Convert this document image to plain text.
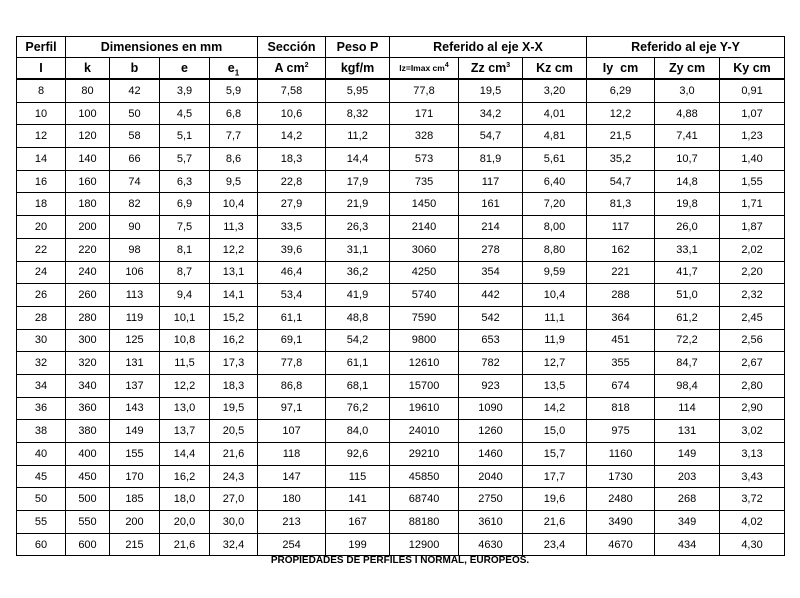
Perfil	Dimensiones en mm				Sección	Peso P	Referido al eje X-X			Referido al eje Y-Y		
I	k	b	e	$e_1$	A $cm^2$	kgf/m	Iz=Imax $cm^4$	Zz $cm^3$	Kz cm	Iy  cm	Zy cm	Ky cm
8	80	42	3,9	5,9	7,58	5,95	77,8	19,5	3,20	6,29	3,0	0,91
10	100	50	4,5	6,8	10,6	8,32	171	34,2	4,01	12,2	4,88	1,07
12	120	58	5,1	7,7	14,2	11,2	328	54,7	4,81	21,5	7,41	1,23
14	140	66	5,7	8,6	18,3	14,4	573	81,9	5,61	35,2	10,7	1,40
16	160	74	6,3	9,5	22,8	17,9	735	117	6,40	54,7	14,8	1,55
18	180	82	6,9	10,4	27,9	21,9	1450	161	7,20	81,3	19,8	1,71
20	200	90	7,5	11,3	33,5	26,3	2140	214	8,00	117	26,0	1,87
22	220	98	8,1	12,2	39,6	31,1	3060	278	8,80	162	33,1	2,02
24	240	106	8,7	13,1	46,4	36,2	4250	354	9,59	221	41,7	2,20
26	260	113	9,4	14,1	53,4	41,9	5740	442	10,4	288	51,0	2,32
28	280	119	10,1	15,2	61,1	48,8	7590	542	11,1	364	61,2	2,45
30	300	125	10,8	16,2	69,1	54,2	9800	653	11,9	451	72,2	2,56
32	320	131	11,5	17,3	77,8	61,1	12610	782	12,7	355	84,7	2,67
34	340	137	12,2	18,3	86,8	68,1	15700	923	13,5	674	98,4	2,80
36	360	143	13,0	19,5	97,1	76,2	19610	1090	14,2	818	114	2,90
38	380	149	13,7	20,5	107	84,0	24010	1260	15,0	975	131	3,02
40	400	155	14,4	21,6	118	92,6	29210	1460	15,7	1160	149	3,13
45	450	170	16,2	24,3	147	115	45850	2040	17,7	1730	203	3,43
50	500	185	18,0	27,0	180	141	68740	2750	19,6	2480	268	3,72
55	550	200	20,0	30,0	213	167	88180	3610	21,6	3490	349	4,02
60	600	215	21,6	32,4	254	199	12900	4630	23,4	4670	434	4,30
PROPIEDADES DE PERFILES I NORMAL, EUROPEOS.
